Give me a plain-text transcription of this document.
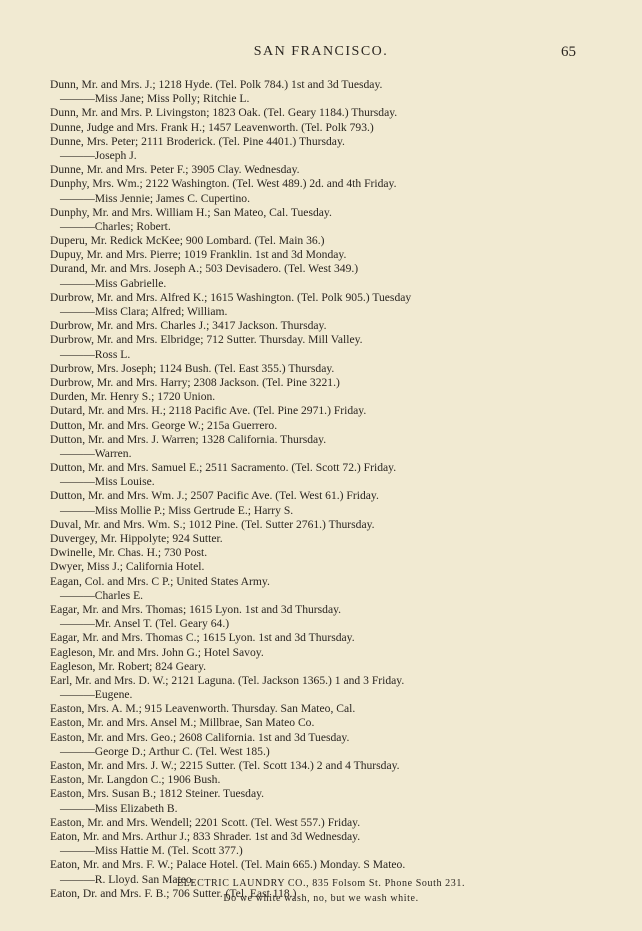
SAN FRANCISCO.	65
Dunn, Mr. and Mrs. J.; 1218 Hyde. (Tel. Polk 784.) 1st and 3d Tuesday.
———Miss Jane; Miss Polly; Ritchie L.
Dunn, Mr. and Mrs. P. Livingston; 1823 Oak. (Tel. Geary 1184.) Thursday.
Dunne, Judge and Mrs. Frank H.; 1457 Leavenworth. (Tel. Polk 793.)
Dunne, Mrs. Peter; 2111 Broderick. (Tel. Pine 4401.) Thursday.
———Joseph J.
Dunne, Mr. and Mrs. Peter F.; 3905 Clay. Wednesday.
Dunphy, Mrs. Wm.; 2122 Washington. (Tel. West 489.) 2d. and 4th Friday.
———Miss Jennie; James C. Cupertino.
Dunphy, Mr. and Mrs. William H.; San Mateo, Cal. Tuesday.
———Charles; Robert.
Duperu, Mr. Redick McKee; 900 Lombard. (Tel. Main 36.)
Dupuy, Mr. and Mrs. Pierre; 1019 Franklin. 1st and 3d Monday.
Durand, Mr. and Mrs. Joseph A.; 503 Devisadero. (Tel. West 349.)
———Miss Gabrielle.
Durbrow, Mr. and Mrs. Alfred K.; 1615 Washington. (Tel. Polk 905.) Tuesday
———Miss Clara; Alfred; William.
Durbrow, Mr. and Mrs. Charles J.; 3417 Jackson. Thursday.
Durbrow, Mr. and Mrs. Elbridge; 712 Sutter. Thursday. Mill Valley.
———Ross L.
Durbrow, Mrs. Joseph; 1124 Bush. (Tel. East 355.) Thursday.
Durbrow, Mr. and Mrs. Harry; 2308 Jackson. (Tel. Pine 3221.)
Durden, Mr. Henry S.; 1720 Union.
Dutard, Mr. and Mrs. H.; 2118 Pacific Ave. (Tel. Pine 2971.) Friday.
Dutton, Mr. and Mrs. George W.; 215a Guerrero.
Dutton, Mr. and Mrs. J. Warren; 1328 California. Thursday.
———Warren.
Dutton, Mr. and Mrs. Samuel E.; 2511 Sacramento. (Tel. Scott 72.) Friday.
———Miss Louise.
Dutton, Mr. and Mrs. Wm. J.; 2507 Pacific Ave. (Tel. West 61.) Friday.
———Miss Mollie P.; Miss Gertrude E.; Harry S.
Duval, Mr. and Mrs. Wm. S.; 1012 Pine. (Tel. Sutter 2761.) Thursday.
Duvergey, Mr. Hippolyte; 924 Sutter.
Dwinelle, Mr. Chas. H.; 730 Post.
Dwyer, Miss J.; California Hotel.
Eagan, Col. and Mrs. C P.; United States Army.
———Charles E.
Eagar, Mr. and Mrs. Thomas; 1615 Lyon. 1st and 3d Thursday.
———Mr. Ansel T. (Tel. Geary 64.)
Eagar, Mr. and Mrs. Thomas C.; 1615 Lyon. 1st and 3d Thursday.
Eagleson, Mr. and Mrs. John G.; Hotel Savoy.
Eagleson, Mr. Robert; 824 Geary.
Earl, Mr. and Mrs. D. W.; 2121 Laguna. (Tel. Jackson 1365.) 1 and 3 Friday.
———Eugene.
Easton, Mrs. A. M.; 915 Leavenworth. Thursday. San Mateo, Cal.
Easton, Mr. and Mrs. Ansel M.; Millbrae, San Mateo Co.
Easton, Mr. and Mrs. Geo.; 2608 California. 1st and 3d Tuesday.
———George D.; Arthur C. (Tel. West 185.)
Easton, Mr. and Mrs. J. W.; 2215 Sutter. (Tel. Scott 134.) 2 and 4 Thursday.
Easton, Mr. Langdon C.; 1906 Bush.
Easton, Mrs. Susan B.; 1812 Steiner. Tuesday.
———Miss Elizabeth B.
Easton, Mr. and Mrs. Wendell; 2201 Scott. (Tel. West 557.) Friday.
Eaton, Mr. and Mrs. Arthur J.; 833 Shrader. 1st and 3d Wednesday.
———Miss Hattie M. (Tel. Scott 377.)
Eaton, Mr. and Mrs. F. W.; Palace Hotel. (Tel. Main 665.) Monday. S Mateo.
———R. Lloyd. San Mateo.
Eaton, Dr. and Mrs. F. B.; 706 Sutter. (Tel. East 118.)
ELECTRIC LAUNDRY CO., 835 Folsom St. Phone South 231.
Do we white wash, no, but we wash white.
